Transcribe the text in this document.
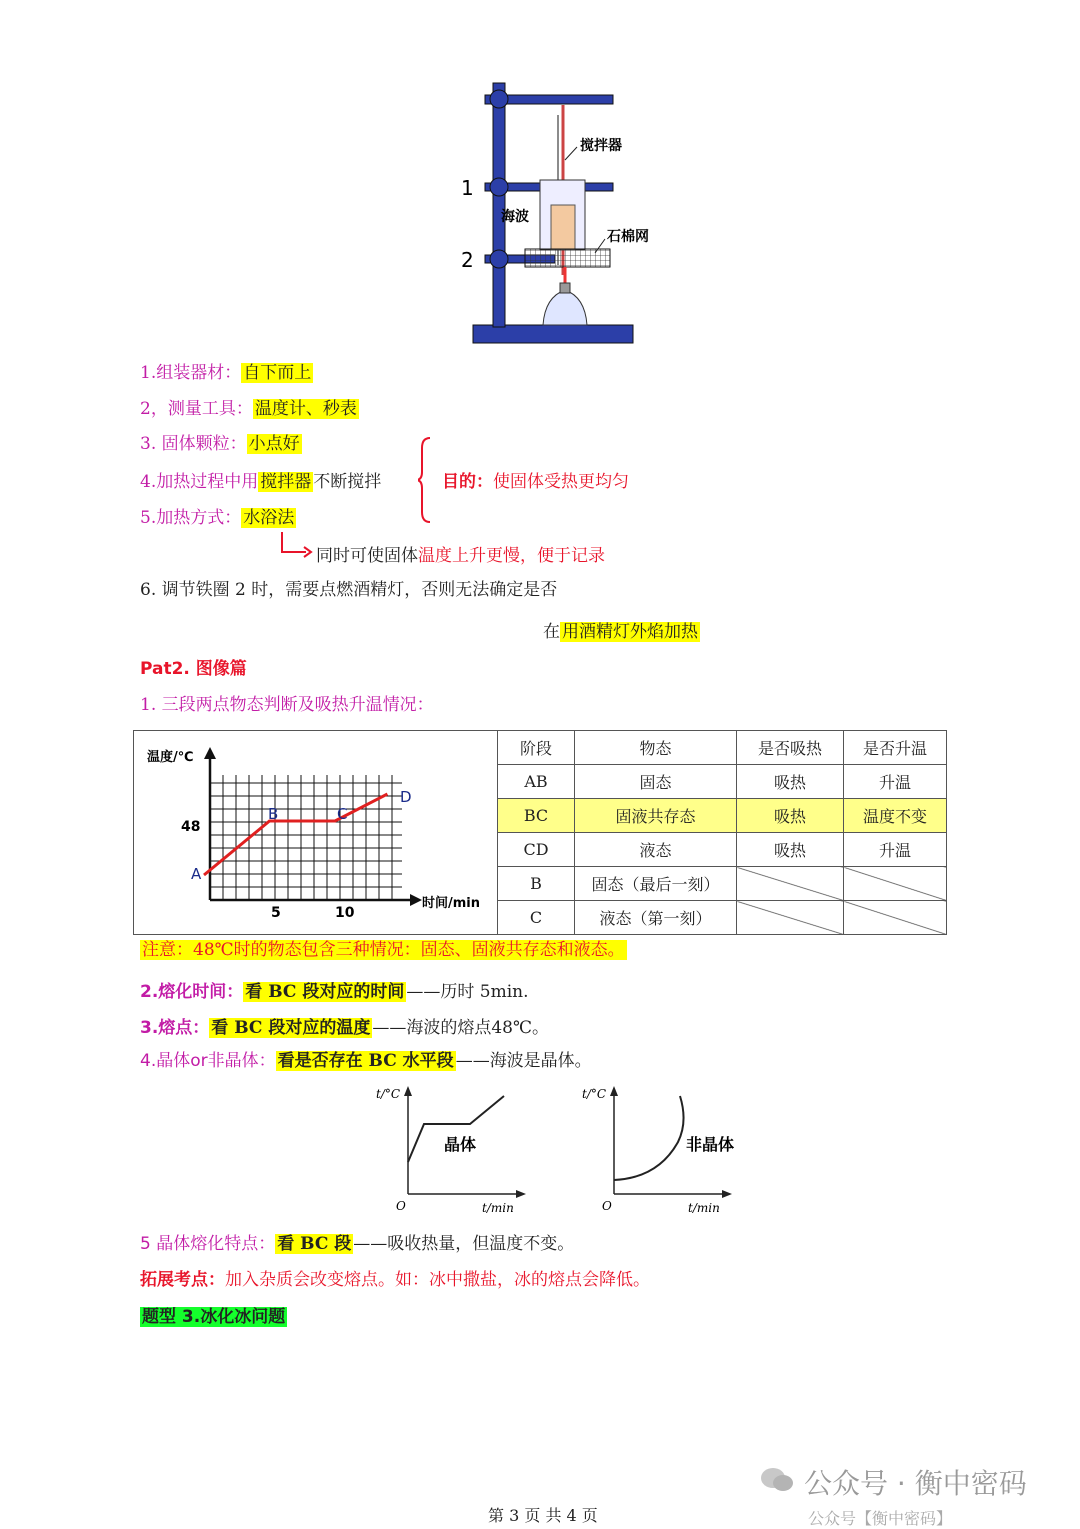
搅拌器
海波
石棉网
1
2
1.组装器材： 自下而上
2，测量工具： 温度计、秒表
3. 固体颗粒： 小点好
4.加热过程中用 搅拌器 不断搅拌
5.加热方式： 水浴法
目的：使固体受热更均匀
同时可使固体温度上升更慢，便于记录
6. 调节铁圈 2 时，需要点燃酒精灯，否则无法确定是否
在 用酒精灯外焰加热
Pat2. 图像篇
1. 三段两点物态判断及吸热升温情况：
温度/℃
时间/min
48
5	10
A
B	C
D
阶段	物态	是否吸热	是否升温
AB	固态	吸热	升温
BC	固液共存态	吸热	温度不变
CD	液态	吸热	升温
B	固态（最后一刻）		
C	液态（第一刻）		
注意：48℃时的物态包含三种情况：固态、固液共存态和液态。
2.熔化时间： 看 BC 段对应的时间 ——历时 5min.
3.熔点： 看 BC 段对应的温度 ——海波的熔点48℃。
4.晶体or非晶体： 看是否存在 BC 水平段 ——海波是晶体。
t/°C
t/min
O
晶体
t/°C
t/min
O
非晶体
5 晶体熔化特点： 看 BC 段 ——吸收热量，但温度不变。
拓展考点：加入杂质会改变熔点。如：冰中撒盐，冰的熔点会降低。
题型 3.冰化冰问题
公众号 · 衡中密码
公众号【衡中密码】
第 3 页 共 4 页
